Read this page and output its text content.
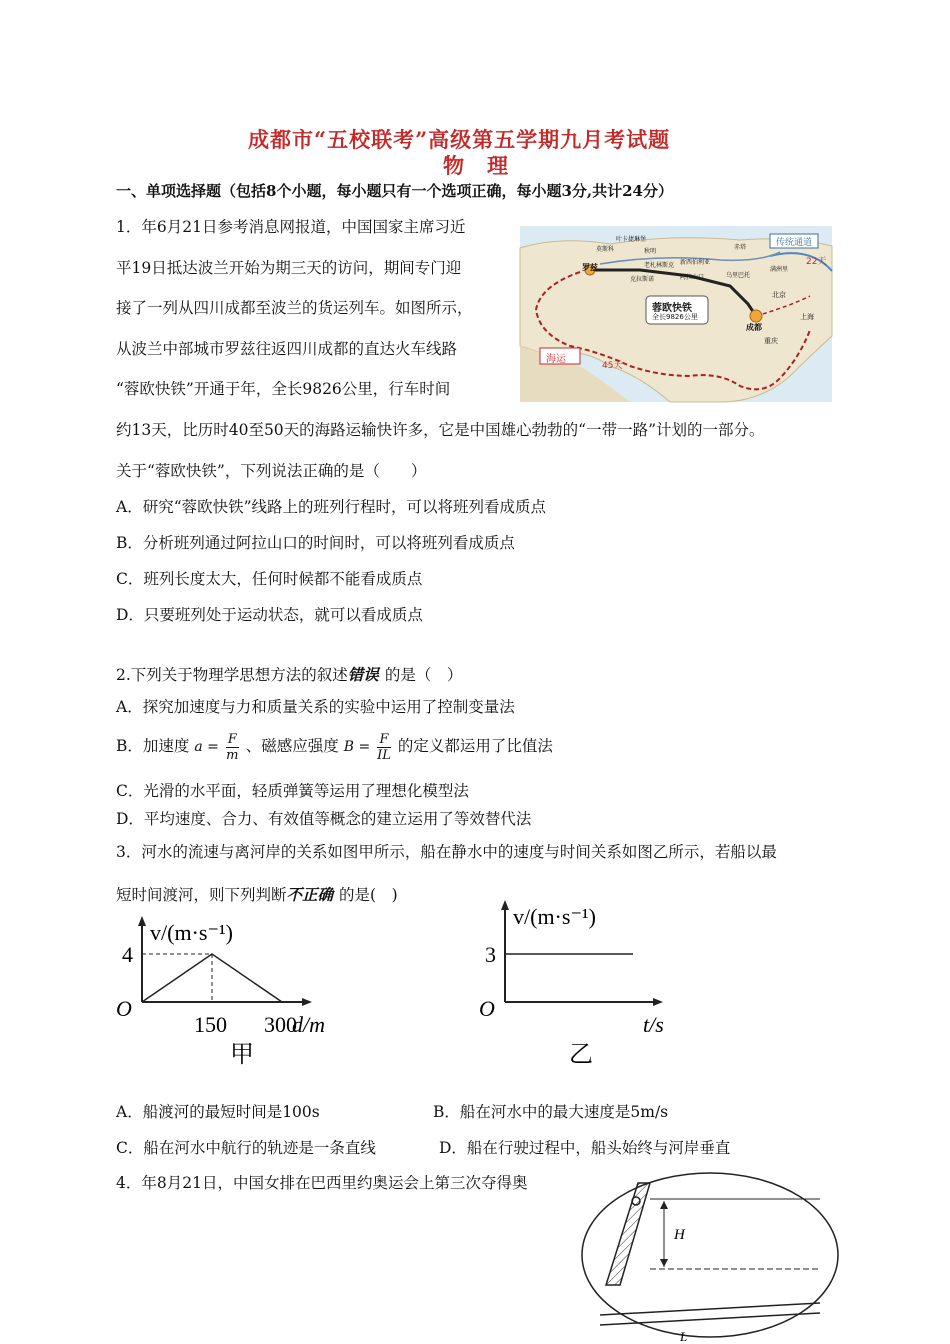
成都市“五校联考”高级第五学期九月考试题
物　理
一、单项选择题（包括8个小题，每小题只有一个选项正确，每小题3分,共计24分）
1．年6月21日参考消息网报道，中国国家主席习近
平19日抵达波兰开始为期三天的访问，期间专门迎
接了一列从四川成都至波兰的货运列车。如图所示，
从波兰中部城市罗兹往返四川成都的直达火车线路
“蓉欧快铁”开通于年，全长9826公里，行车时间
约13天，比历时40至50天的海路运输快许多，它是中国雄心勃勃的“一带一路”计划的一部分。
关于“蓉欧快铁”，下列说法正确的是（　　）
传统通道
22天
蓉欧快铁
全长9826公里
海运
45天
罗兹
成都
重庆
上海
北京
阿拉山口
莫斯科
新西伯利亚
赤塔
秋明
叶卡捷琳堡
克拉斯诺
老札林斯克
乌里巴托
满洲里
A．研究“蓉欧快铁”线路上的班列行程时，可以将班列看成质点
B．分析班列通过阿拉山口的时间时，可以将班列看成质点
C．班列长度太大，任何时候都不能看成质点
D．只要班列处于运动状态，就可以看成质点
2.下列关于物理学思想方法的叙述错误 的是（　）
A．探究加速度与力和质量关系的实验中运用了控制变量法
B．加速度 $a = \frac{F}{m}$ 、磁感应强度 $B = \frac{F}{IL}$ 的定义都运用了比值法
C．光滑的水平面，轻质弹簧等运用了理想化模型法
D．平均速度、合力、有效值等概念的建立运用了等效替代法
3．河水的流速与离河岸的关系如图甲所示，船在静水中的速度与时间关系如图乙所示，若船以最
短时间渡河，则下列判断不正确 的是(　)
v/(m·s⁻¹)
d/m
O
4
150 300
甲
v/(m·s⁻¹)
t/s
O
3
乙
A．船渡河的最短时间是100s	B．船在河水中的最大速度是5m/s
C．船在河水中航行的轨迹是一条直线	D．船在行驶过程中，船头始终与河岸垂直
4．年8月21日，中国女排在巴西里约奥运会上第三次夺得奥
H
L
